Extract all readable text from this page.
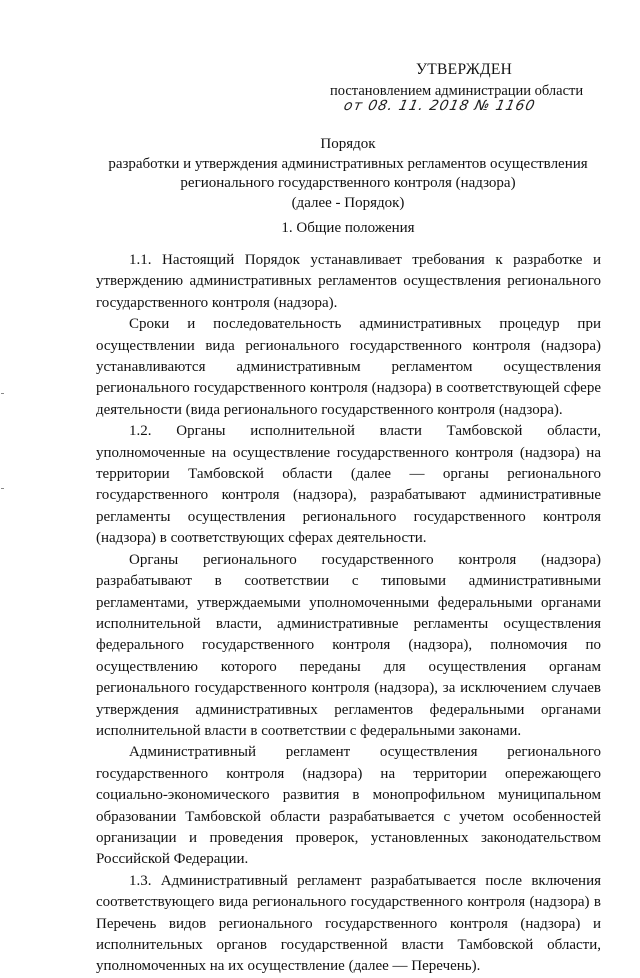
УТВЕРЖДЕН
постановлением администрации области
от 08. 11. 2018 № 1160
Порядок
разработки и утверждения административных регламентов осуществления
регионального государственного контроля (надзора)
(далее - Порядок)
1. Общие положения

1.1. Настоящий Порядок устанавливает требования к разработке и утверждению административных регламентов осуществления регионального государственного контроля (надзора).

Сроки и последовательность административных процедур при осуществлении вида регионального государственного контроля (надзора) устанавливаются административным регламентом осуществления регионального государственного контроля (надзора) в соответствующей сфере деятельности (вида регионального государственного контроля (надзора).

1.2. Органы исполнительной власти Тамбовской области, уполномоченные на осуществление государственного контроля (надзора) на территории Тамбовской области (далее — органы регионального государственного контроля (надзора), разрабатывают административные регламенты осуществления регионального государственного контроля (надзора) в соответствующих сферах деятельности.

Органы регионального государственного контроля (надзора) разрабатывают в соответствии с типовыми административными регламентами, утверждаемыми уполномоченными федеральными органами исполнительной власти, административные регламенты осуществления федерального государственного контроля (надзора), полномочия по осуществлению которого переданы для осуществления органам регионального государственного контроля (надзора), за исключением случаев утверждения административных регламентов федеральными органами исполнительной власти в соответствии с федеральными законами.

Административный регламент осуществления регионального государственного контроля (надзора) на территории опережающего социально-экономического развития в монопрофильном муниципальном образовании Тамбовской области разрабатывается с учетом особенностей организации и проведения проверок, установленных законодательством Российской Федерации.

1.3. Административный регламент разрабатывается после включения соответствующего вида регионального государственного контроля (надзора) в Перечень видов регионального государственного контроля (надзора) и исполнительных органов государственной власти Тамбовской области, уполномоченных на их осуществление (далее — Перечень).
